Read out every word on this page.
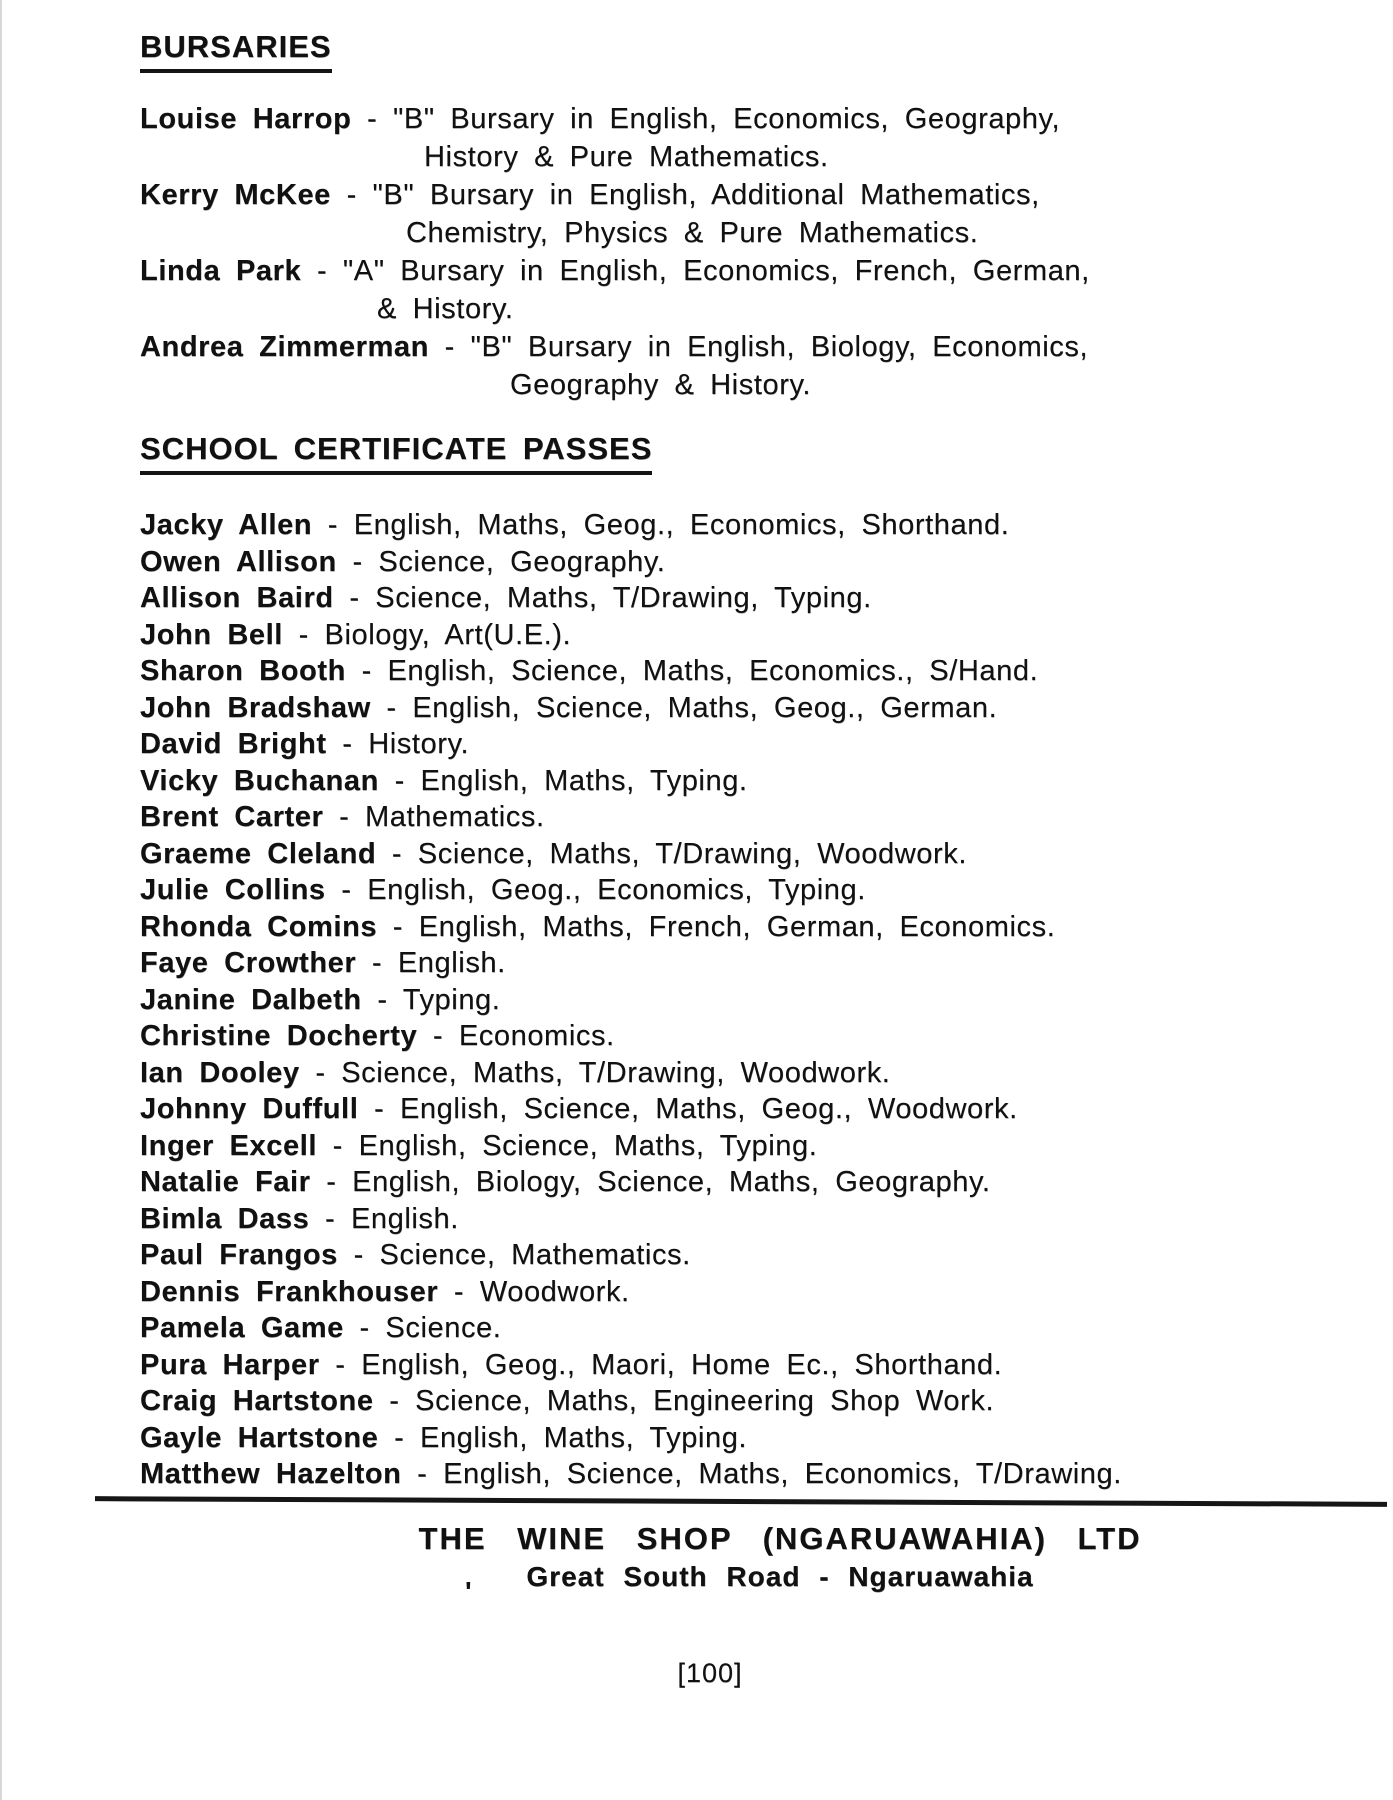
BURSARIES
Louise Harrop - "B" Bursary in English, Economics, Geography,
History & Pure Mathematics.
Kerry McKee - "B" Bursary in English, Additional Mathematics,
Chemistry, Physics & Pure Mathematics.
Linda Park - "A" Bursary in English, Economics, French, German,
& History.
Andrea Zimmerman - "B" Bursary in English, Biology, Economics,
Geography & History.
SCHOOL CERTIFICATE PASSES
Jacky Allen - English, Maths, Geog., Economics, Shorthand.
Owen Allison - Science, Geography.
Allison Baird - Science, Maths, T/Drawing, Typing.
John Bell - Biology, Art(U.E.).
Sharon Booth - English, Science, Maths, Economics., S/Hand.
John Bradshaw - English, Science, Maths, Geog., German.
David Bright - History.
Vicky Buchanan - English, Maths, Typing.
Brent Carter - Mathematics.
Graeme Cleland - Science, Maths, T/Drawing, Woodwork.
Julie Collins - English, Geog., Economics, Typing.
Rhonda Comins - English, Maths, French, German, Economics.
Faye Crowther - English.
Janine Dalbeth - Typing.
Christine Docherty - Economics.
Ian Dooley - Science, Maths, T/Drawing, Woodwork.
Johnny Duffull - English, Science, Maths, Geog., Woodwork.
Inger Excell - English, Science, Maths, Typing.
Natalie Fair - English, Biology, Science, Maths, Geography.
Bimla Dass - English.
Paul Frangos - Science, Mathematics.
Dennis Frankhouser - Woodwork.
Pamela Game - Science.
Pura Harper - English, Geog., Maori, Home Ec., Shorthand.
Craig Hartstone - Science, Maths, Engineering Shop Work.
Gayle Hartstone - English, Maths, Typing.
Matthew Hazelton - English, Science, Maths, Economics, T/Drawing.
THE WINE SHOP (NGARUAWAHIA) LTD
'	Great South Road - Ngaruawahia
[100]
